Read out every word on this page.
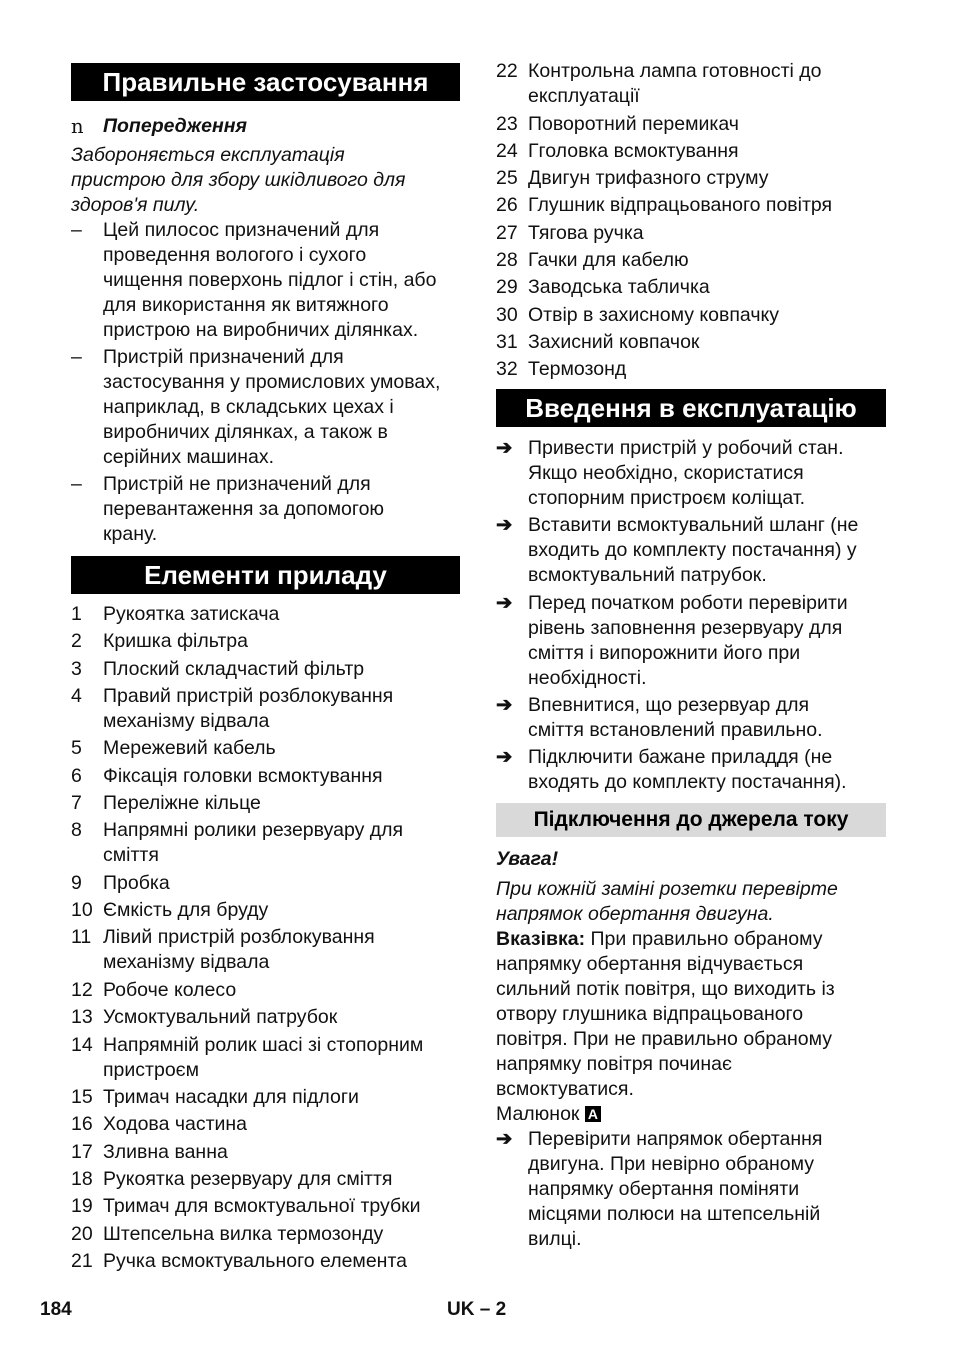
Правильне застосування
n Попередження
Забороняється експлуатація
пристрою для збору шкідливого для
здоров'я пилу.
– Цей пилосос призначений для
проведення вологого і сухого
чищення поверхонь підлог і стін, або
для використання як витяжного
пристрою на виробничих ділянках.
– Пристрій призначений для
застосування у промислових умовах,
наприклад, в складських цехах і
виробничих ділянках, а також в
серійних машинах.
– Пристрій не призначений для
перевантаження за допомогою
крану.
Елементи приладу
1 Рукоятка затискача
2 Кришка фільтра
3 Плоский складчастий фільтр
4 Правий пристрій розблокування
механізму відвала
5 Мережевий кабель
6 Фіксація головки всмоктування
7 Переліжне кільце
8 Напрямні ролики резервуару для
сміття
9 Пробка
10 Ємкість для бруду
11 Лівий пристрій розблокування
механізму відвала
12 Робоче колесо
13 Усмоктувальний патрубок
14 Напрямній ролик шасі зі стопорним
пристроєм
15 Тримач насадки для підлоги
16 Ходова частина
17 Зливна ванна
18 Рукоятка резервуару для сміття
19 Тримач для всмоктувальної трубки
20 Штепсельна вилка термозонду
21 Ручка всмоктувального елемента
22 Контрольна лампа готовності до
експлуатації
23 Поворотний перемикач
24 Гголовка всмоктування
25 Двигун трифазного струму
26 Глушник відпрацьованого повітря
27 Тягова ручка
28 Гачки для кабелю
29 Заводська табличка
30 Отвір в захисному ковпачку
31 Захисний ковпачок
32 Термозонд
Введення в експлуатацію
➔ Привести пристрій у робочий стан.
Якщо необхідно, скористатися
стопорним пристроєм коліщат.
➔ Вставити всмоктувальний шланг (не
входить до комплекту постачання) у
всмоктувальний патрубок.
➔ Перед початком роботи перевірити
рівень заповнення резервуару для
сміття і випорожнити його при
необхідності.
➔ Впевнитися, що резервуар для
сміття встановлений правильно.
➔ Підключити бажане приладдя (не
входять до комплекту постачання).
Підключення до джерела току
Увага!
При кожній заміні розетки перевірте
напрямок обертання двигуна.
Вказівка: При правильно обраному
напрямку обертання відчувається
сильний потік повітря, що виходить із
отвору глушника відпрацьованого
повітря. При не правильно обраному
напрямку повітря починає
всмоктуватися.
Малюнок A
➔ Перевірити напрямок обертання
двигуна. При невірно обраному
напрямку обертання поміняти
місцями полюси на штепсельній
вилці.
184	UK – 2
